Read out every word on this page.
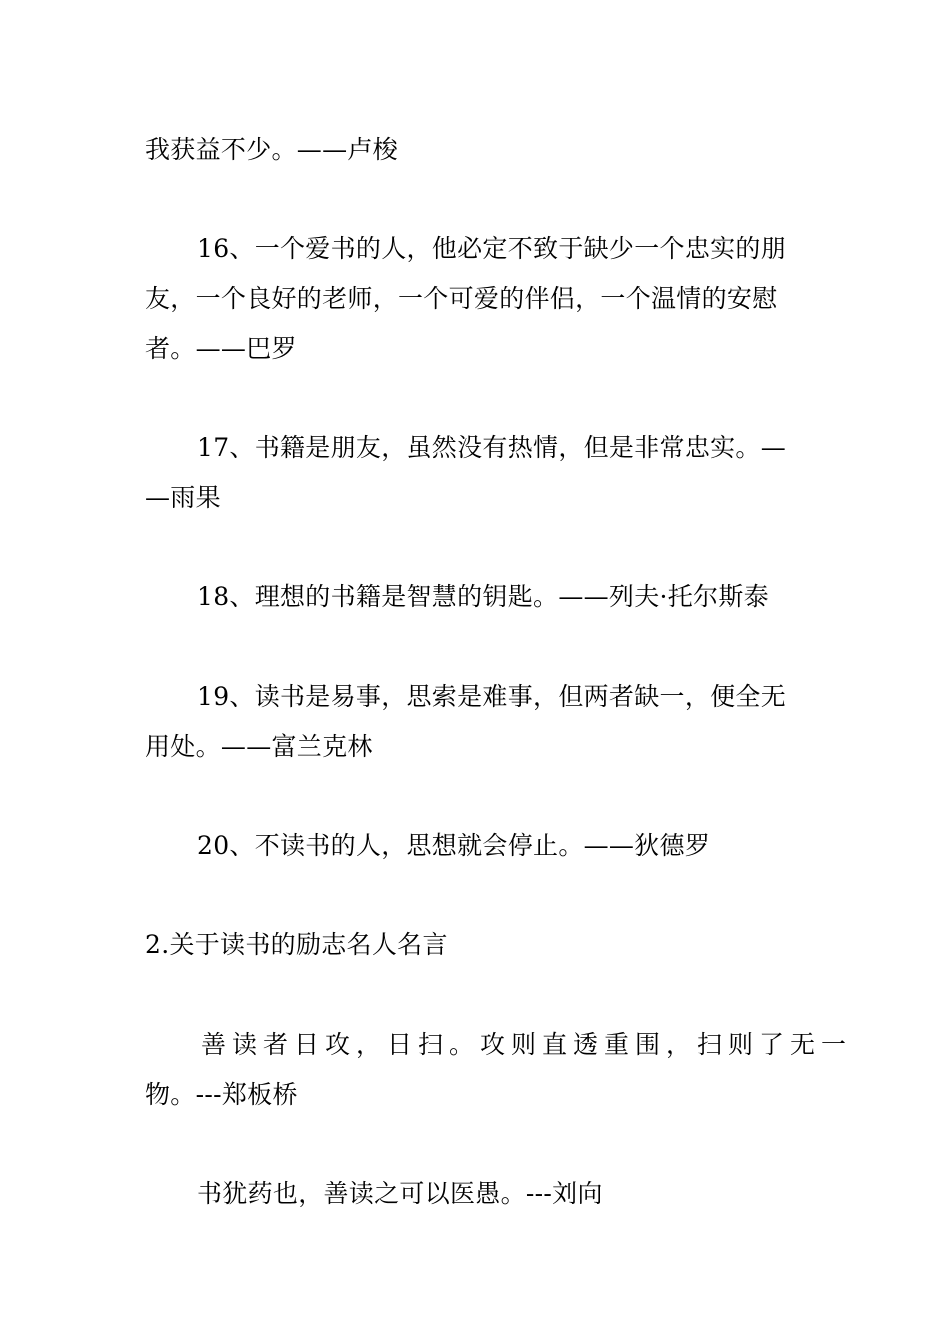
我获益不少。——卢梭
16、一个爱书的人，他必定不致于缺少一个忠实的朋
友，一个良好的老师，一个可爱的伴侣，一个温情的安慰
者。——巴罗
17、书籍是朋友，虽然没有热情，但是非常忠实。—
—雨果
18、理想的书籍是智慧的钥匙。——列夫·托尔斯泰
19、读书是易事，思索是难事，但两者缺一，便全无
用处。——富兰克林
20、不读书的人，思想就会停止。——狄德罗
2.关于读书的励志名人名言
善读者日攻，日扫。攻则直透重围，扫则了无一
物。---郑板桥
书犹药也，善读之可以医愚。---刘向
